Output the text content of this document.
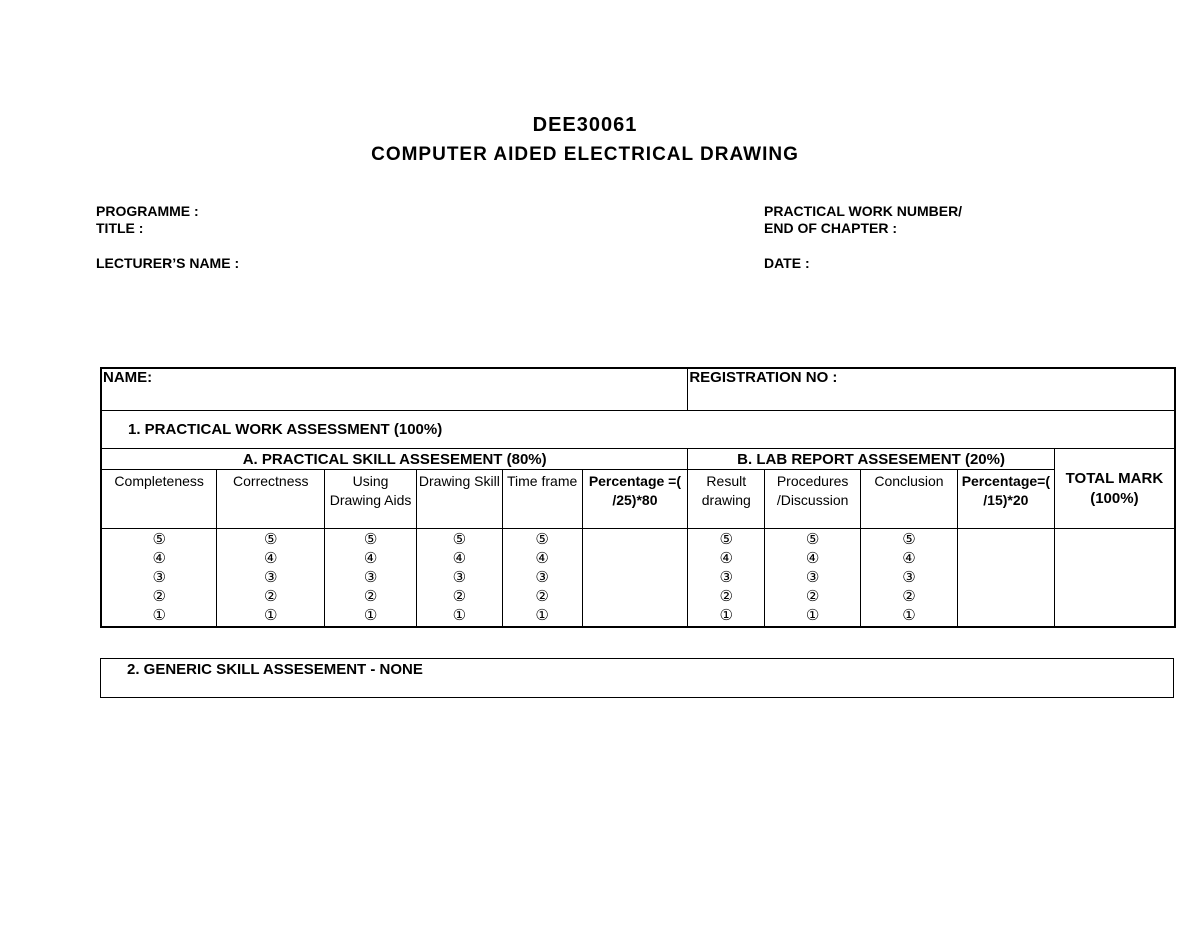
DEE30061
COMPUTER AIDED ELECTRICAL DRAWING
PROGRAMME :
TITLE :
LECTURER’S NAME :
PRACTICAL WORK NUMBER/
END OF CHAPTER :
DATE :
NAME:						REGISTRATION NO :				
1. PRACTICAL WORK ASSESSMENT (100%)										
A. PRACTICAL SKILL ASSESEMENT (80%)						B. LAB REPORT ASSESEMENT (20%)				TOTAL MARK
(100%)
Completeness	Correctness	Using Drawing Aids	Drawing Skill	Time frame	Percentage =(
/25)*80	Result drawing	Procedures /Discussion	Conclusion	Percentage=(
/15)*20	

⑤
④
③
②
①	⑤
④
③
②
①	⑤
④
③
②
①	⑤
④
③
②
①	⑤
④
③
②
①		⑤
④
③
②
①	⑤
④
③
②
①	⑤
④
③
②
①		

2. GENERIC SKILL ASSESEMENT - NONE
